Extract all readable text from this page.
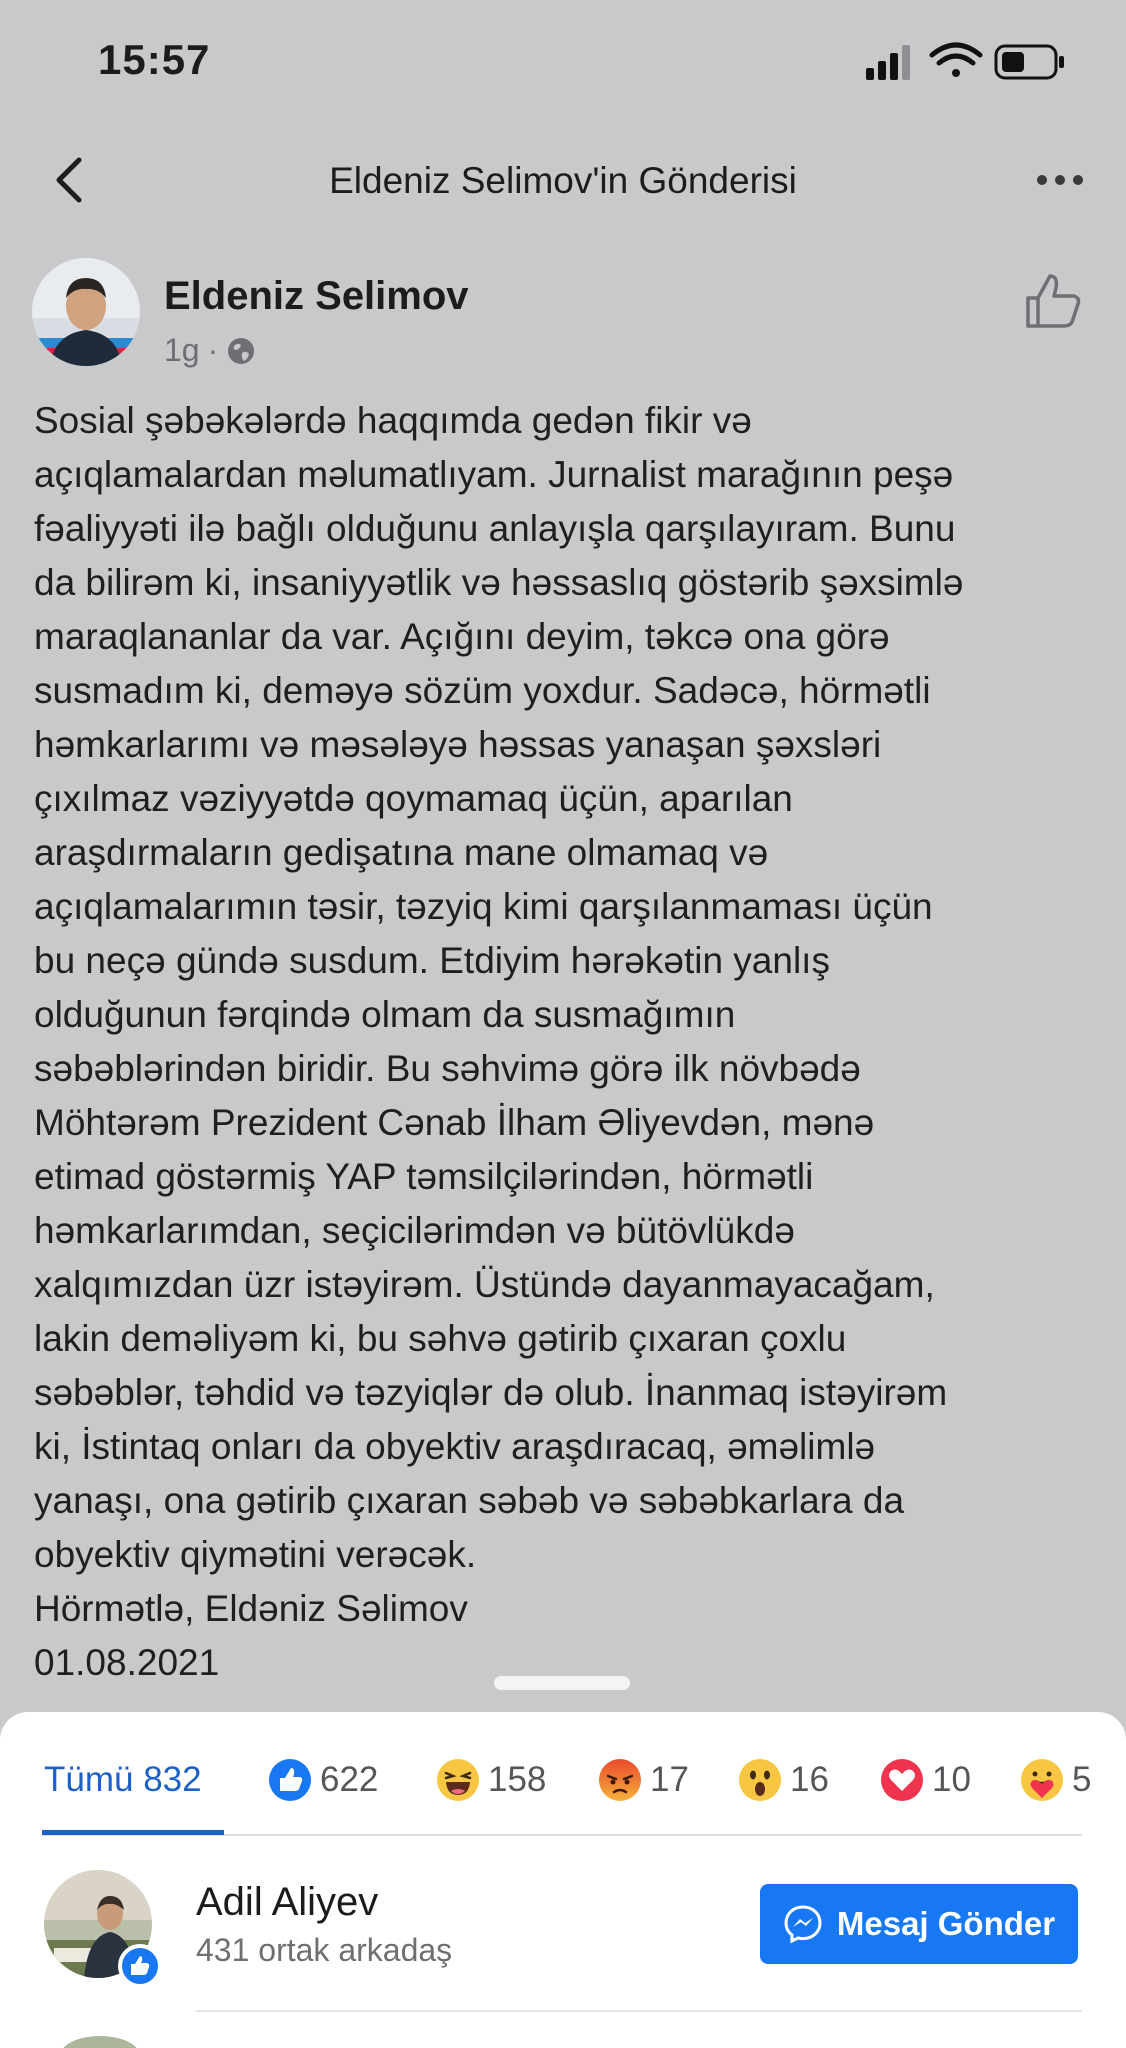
15:57
Eldeniz Selimov'in Gönderisi
Eldeniz Selimov
1g ·
Sosial şəbəkələrdə haqqımda gedən fikir və
açıqlamalardan məlumatlıyam. Jurnalist marağının peşə
fəaliyyəti ilə bağlı olduğunu anlayışla qarşılayıram. Bunu
da bilirəm ki, insaniyyətlik və həssaslıq göstərib şəxsimlə
maraqlananlar da var. Açığını deyim, təkcə ona görə
susmadım ki, deməyə sözüm yoxdur. Sadəcə, hörmətli
həmkarlarımı və məsələyə həssas yanaşan şəxsləri
çıxılmaz vəziyyətdə qoymamaq üçün, aparılan
araşdırmaların gedişatına mane olmamaq və
açıqlamalarımın təsir, təzyiq kimi qarşılanmaması üçün
bu neçə gündə susdum. Etdiyim hərəkətin yanlış
olduğunun fərqində olmam da susmağımın
səbəblərindən biridir. Bu səhvimə görə ilk növbədə
Möhtərəm Prezident Cənab İlham Əliyevdən, mənə
etimad göstərmiş YAP təmsilçilərindən, hörmətli
həmkarlarımdan, seçicilərimdən və bütövlükdə
xalqımızdan üzr istəyirəm. Üstündə dayanmayacağam,
lakin deməliyəm ki, bu səhvə gətirib çıxaran çoxlu
səbəblər, təhdid və təzyiqlər də olub. İnanmaq istəyirəm
ki, İstintaq onları da obyektiv araşdıracaq, əməlimlə
yanaşı, ona gətirib çıxaran səbəb və səbəbkarlara da
obyektiv qiymətini verəcək.
Hörmətlə, Eldəniz Səlimov
01.08.2021
Tümü 832	622	158	17	16	10	5
Adil Aliyev
431 ortak arkadaş
Mesaj Gönder
